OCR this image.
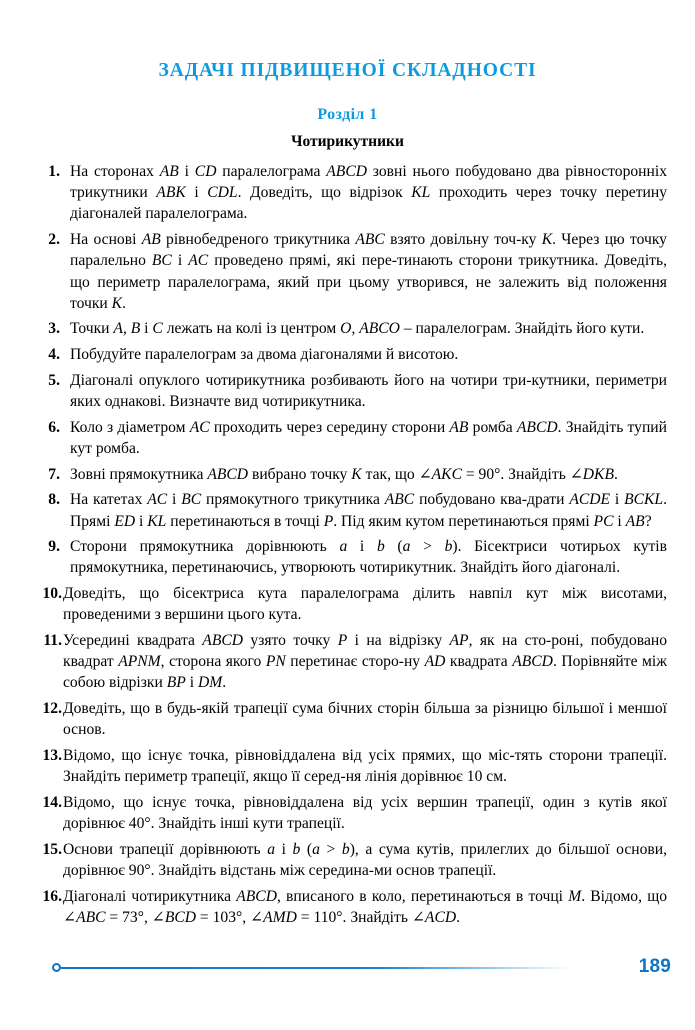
ЗАДАЧІ ПІДВИЩЕНОЇ СКЛАДНОСТІ
Розділ 1
Чотирикутники
1. На сторонах AB і CD паралелограма ABCD зовні нього побудовано два рівносторонніх трикутники ABK і CDL. Доведіть, що відрізок KL проходить через точку перетину діагоналей паралелограма.
2. На основі AB рівнобедреного трикутника ABC взято довільну точ-ку K. Через цю точку паралельно BC і AC проведено прямі, які пере-тинають сторони трикутника. Доведіть, що периметр паралелограма, який при цьому утворився, не залежить від положення точки K.
3. Точки A, B і C лежать на колі із центром O, ABCO – паралелограм. Знайдіть його кути.
4. Побудуйте паралелограм за двома діагоналями й висотою.
5. Діагоналі опуклого чотирикутника розбивають його на чотири три-кутники, периметри яких однакові. Визначте вид чотирикутника.
6. Коло з діаметром AC проходить через середину сторони AB ромба ABCD. Знайдіть тупий кут ромба.
7. Зовні прямокутника ABCD вибрано точку K так, що ∠AKC = 90°. Знайдіть ∠DKB.
8. На катетах AC і BC прямокутного трикутника ABC побудовано ква-драти ACDE і BCKL. Прямі ED і KL перетинаються в точці P. Під яким кутом перетинаються прямі PC і AB?
9. Сторони прямокутника дорівнюють a і b (a > b). Бісектриси чотирьох кутів прямокутника, перетинаючись, утворюють чотирикутник. Знайдіть його діагоналі.
10. Доведіть, що бісектриса кута паралелограма ділить навпіл кут між висотами, проведеними з вершини цього кута.
11. Усередині квадрата ABCD узято точку P і на відрізку AP, як на сто-роні, побудовано квадрат APNM, сторона якого PN перетинає сторо-ну AD квадрата ABCD. Порівняйте між собою відрізки BP і DM.
12. Доведіть, що в будь-якій трапеції сума бічних сторін більша за різницю більшої і меншої основ.
13. Відомо, що існує точка, рівновіддалена від усіх прямих, що міс-тять сторони трапеції. Знайдіть периметр трапеції, якщо її серед-ня лінія дорівнює 10 см.
14. Відомо, що існує точка, рівновіддалена від усіх вершин трапеції, один з кутів якої дорівнює 40°. Знайдіть інші кути трапеції.
15. Основи трапеції дорівнюють a і b (a > b), а сума кутів, прилеглих до більшої основи, дорівнює 90°. Знайдіть відстань між середина-ми основ трапеції.
16. Діагоналі чотирикутника ABCD, вписаного в коло, перетинаються в точці M. Відомо, що ∠ABC = 73°, ∠BCD = 103°, ∠AMD = 110°. Знайдіть ∠ACD.
189
